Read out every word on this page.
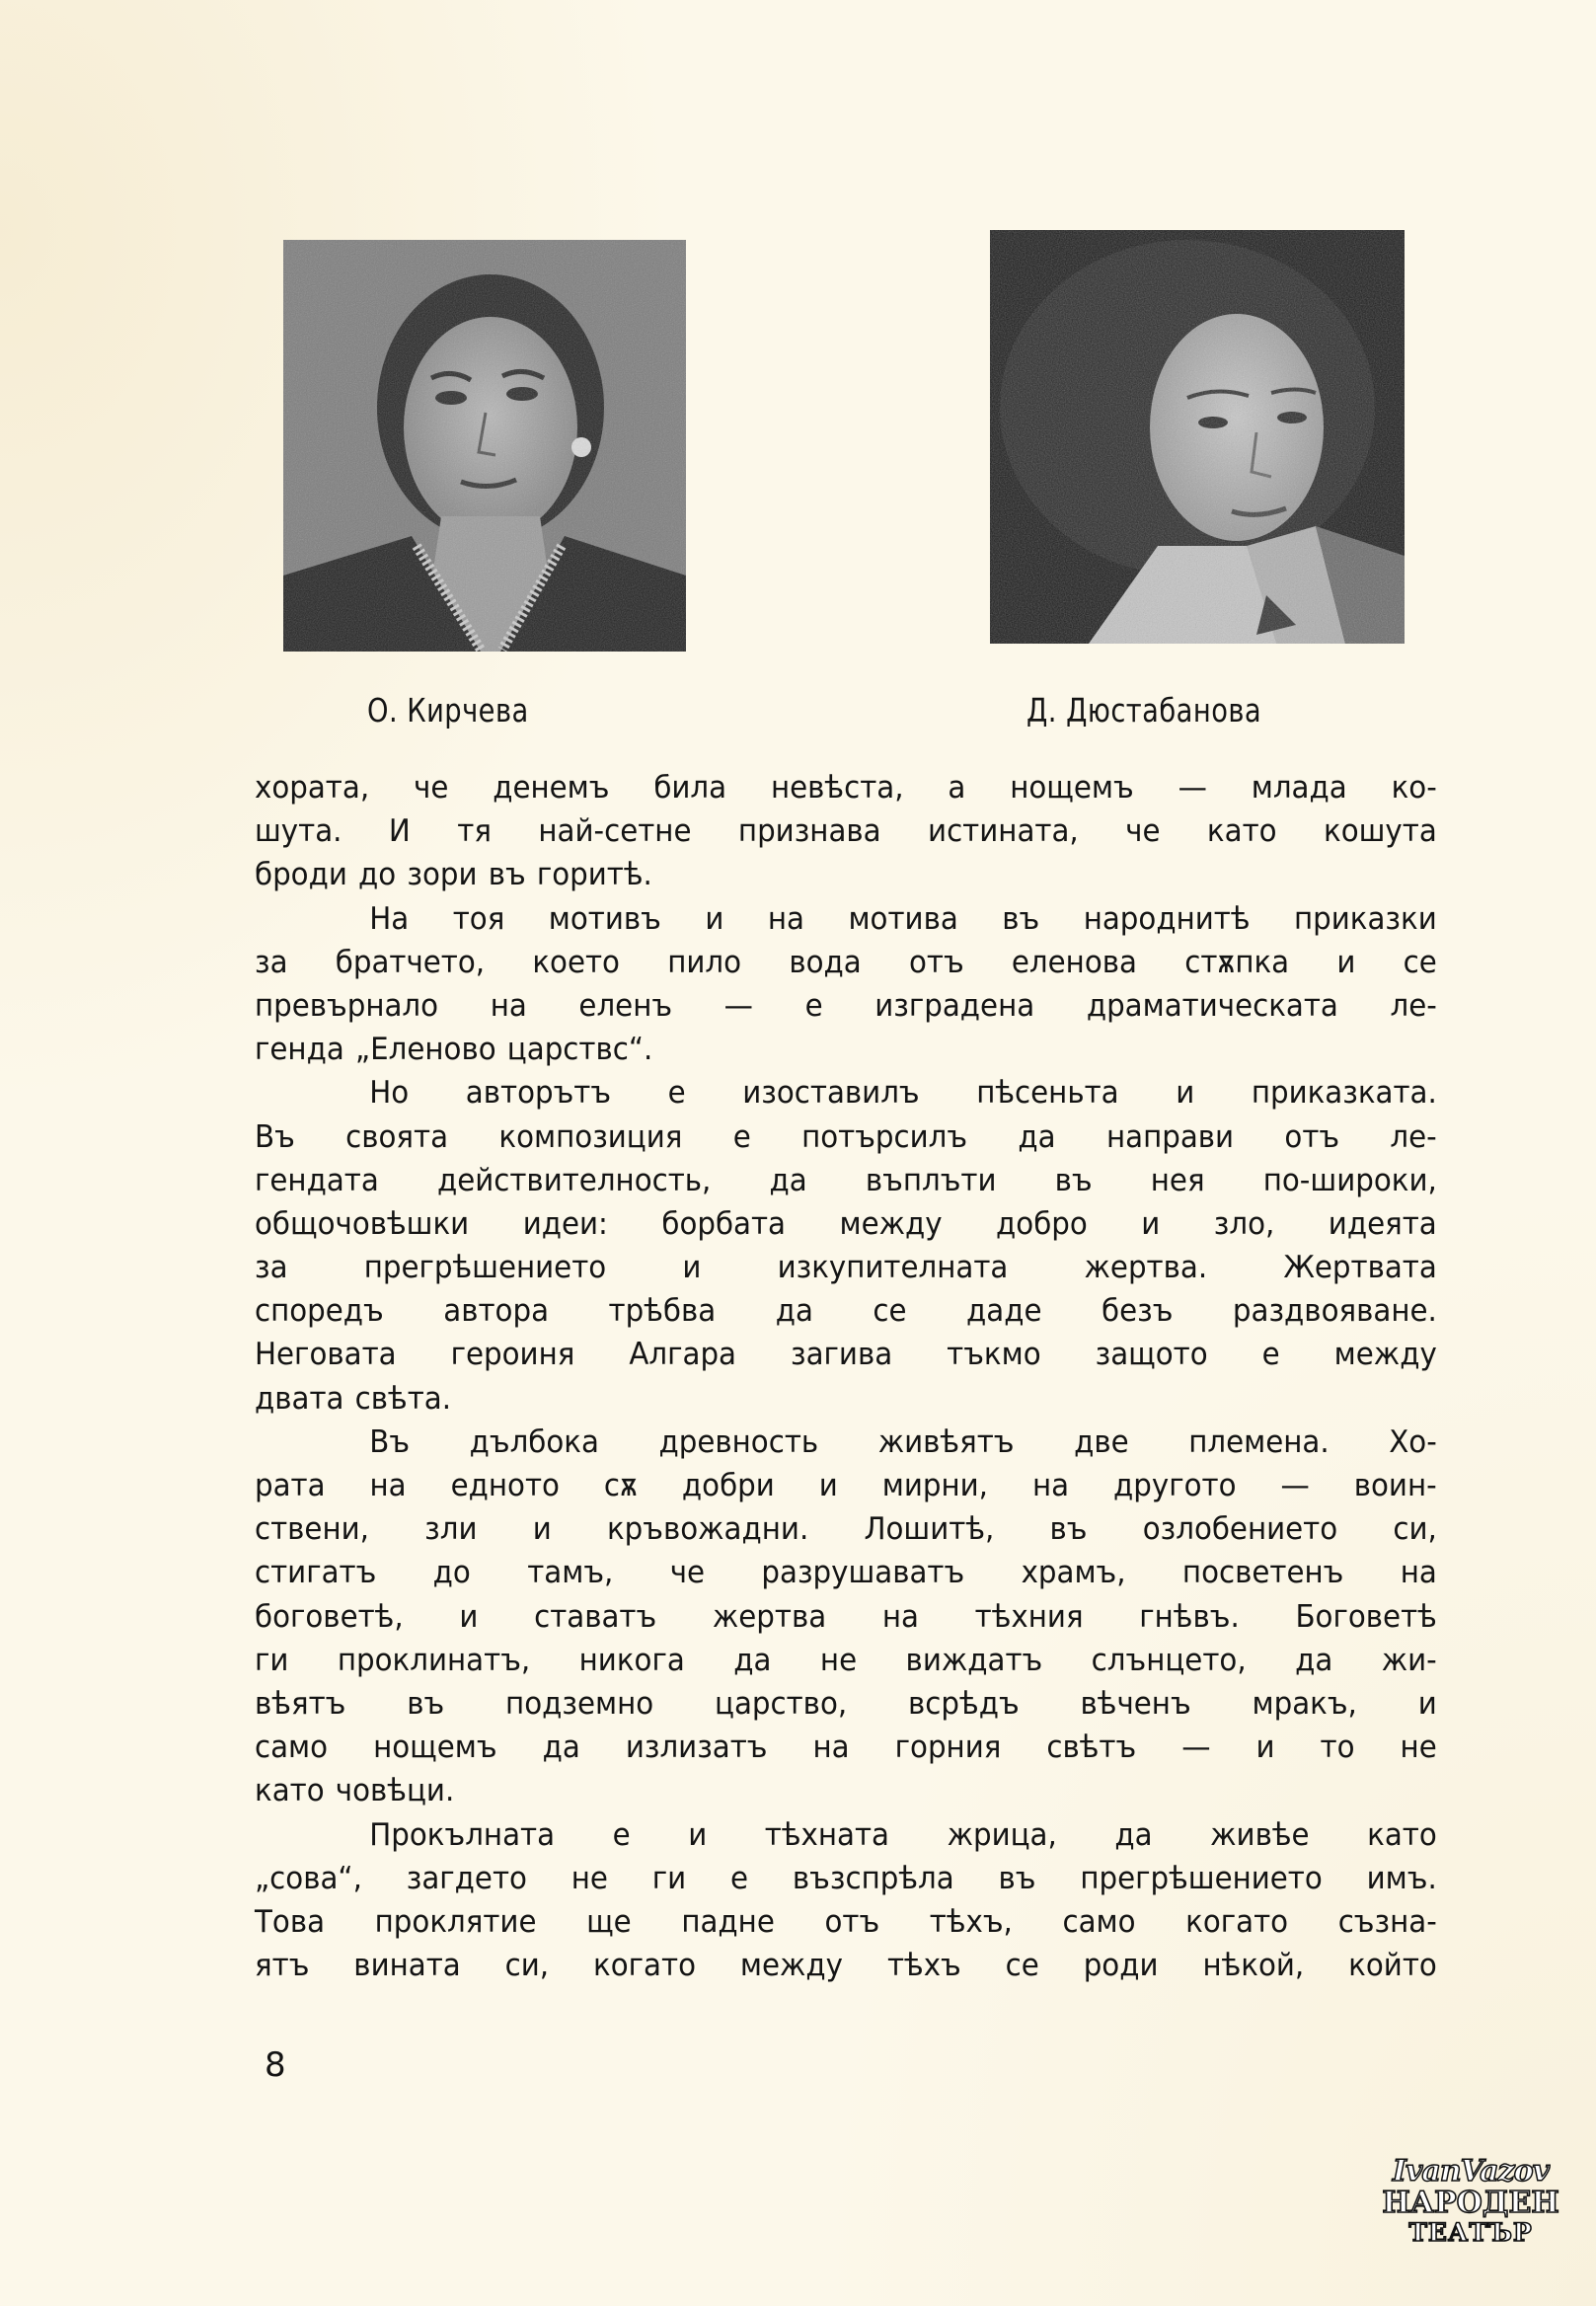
О. Кирчева	Д. Дюстабанова
хората, че денемъ била невѣста, а нощемъ — млада ко-
шута. И тя най-сетне признава истината, че като кошута
броди до зори въ горитѣ.
На тоя мотивъ и на мотива въ народнитѣ приказки
за братчето, което пило вода отъ еленова стѫпка и се
превърнало на еленъ — е изградена драматическата ле-
генда „Еленово царствс“.
Но авторътъ е изоставилъ пѣсеньта и приказката.
Въ своята композиция е потърсилъ да направи отъ ле-
гендата действителность, да въплъти въ нея по-широки,
общочовѣшки идеи: борбата между добро и зло, идеята
за прегрѣшението и изкупителната жертва. Жертвата
споредъ автора трѣбва да се даде безъ раздвояване.
Неговата героиня Алгара загива тъкмо защото е между
двата свѣта.
Въ дълбока древность живѣятъ две племена. Хо-
рата на едното сѫ добри и мирни, на другото — воин-
ствени, зли и кръвожадни. Лошитѣ, въ озлобението си,
стигатъ до тамъ, че разрушаватъ храмъ, посветенъ на
боговетѣ, и ставатъ жертва на тѣхния гнѣвъ. Боговетѣ
ги проклинатъ, никога да не виждатъ слънцето, да жи-
вѣятъ въ подземно царство, всрѣдъ вѣченъ мракъ, и
само нощемъ да излизатъ на горния свѣтъ — и то не
като човѣци.
Прокълната е и тѣхната жрица, да живѣе като
„сова“, загдето не ги е възспрѣла въ прегрѣшението имъ.
Това проклятие ще падне отъ тѣхъ, само когато съзна-
ятъ вината си, когато между тѣхъ се роди нѣкой, който
8
IvanVazov
НАРОДЕН
ТЕАТЪР
